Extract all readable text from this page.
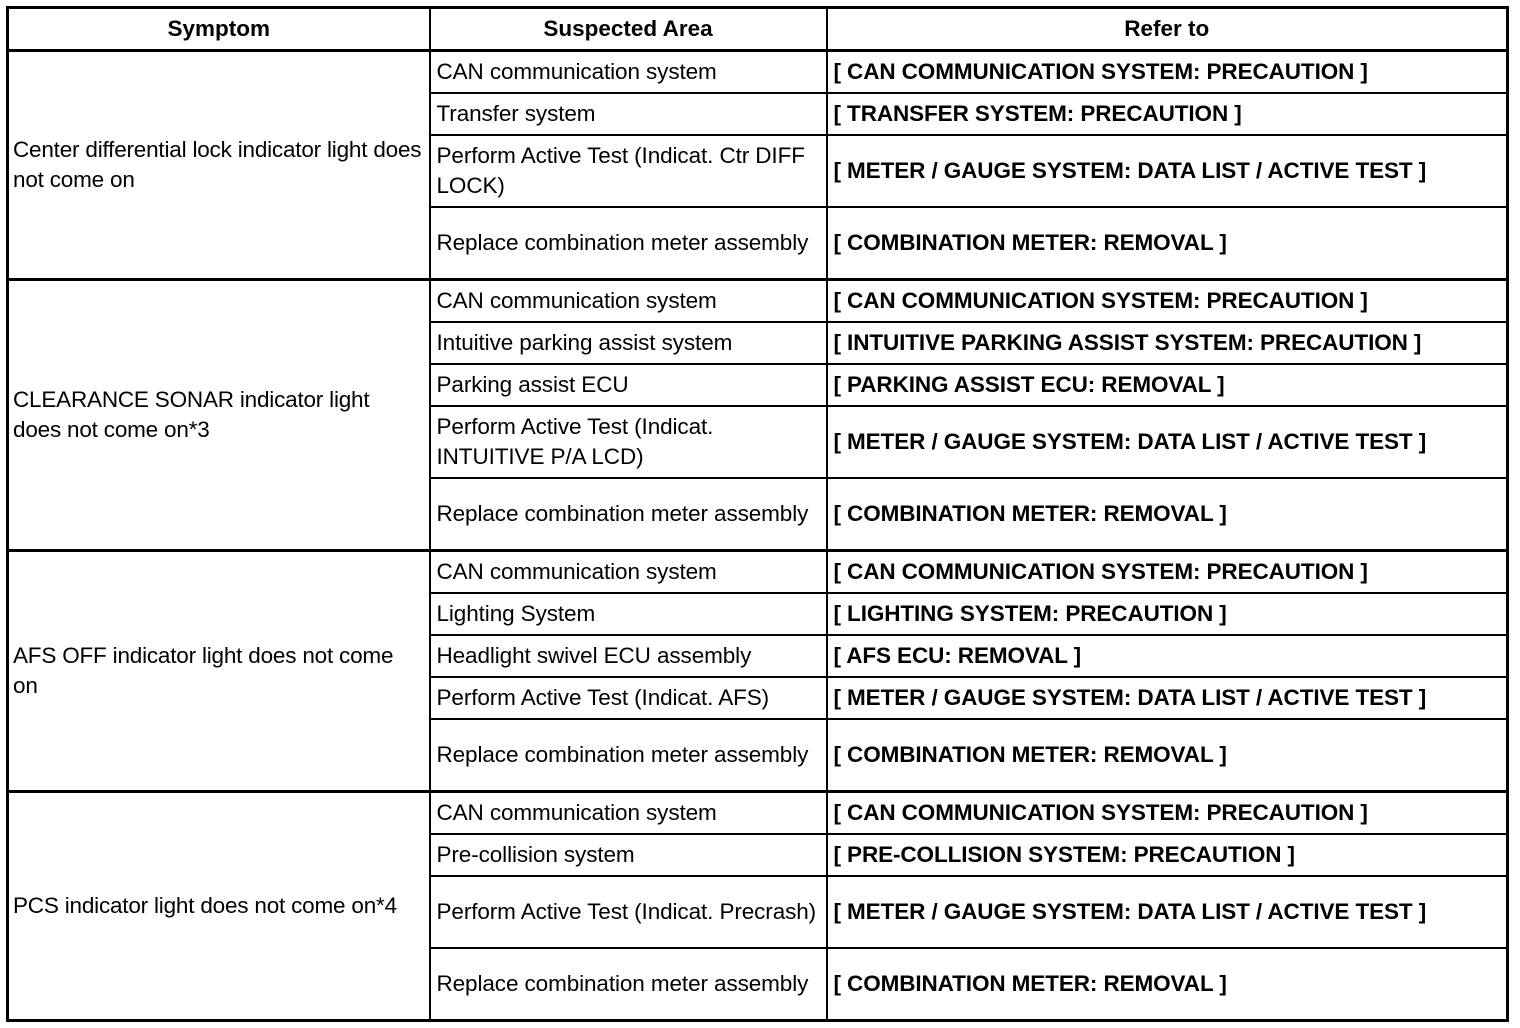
Symptom	Suspected Area	Refer to
Center differential lock indicator light does not come on	CAN communication system	[ CAN COMMUNICATION SYSTEM: PRECAUTION ]
	Transfer system	[ TRANSFER SYSTEM: PRECAUTION ]
	Perform Active Test (Indicat. Ctr DIFF LOCK)	[ METER / GAUGE SYSTEM: DATA LIST / ACTIVE TEST ]
	Replace combination meter assembly	[ COMBINATION METER: REMOVAL ]
CLEARANCE SONAR indicator light does not come on*3	CAN communication system	[ CAN COMMUNICATION SYSTEM: PRECAUTION ]
	Intuitive parking assist system	[ INTUITIVE PARKING ASSIST SYSTEM: PRECAUTION ]
	Parking assist ECU	[ PARKING ASSIST ECU: REMOVAL ]
	Perform Active Test (Indicat. INTUITIVE P/A LCD)	[ METER / GAUGE SYSTEM: DATA LIST / ACTIVE TEST ]
	Replace combination meter assembly	[ COMBINATION METER: REMOVAL ]
AFS OFF indicator light does not come on	CAN communication system	[ CAN COMMUNICATION SYSTEM: PRECAUTION ]
	Lighting System	[ LIGHTING SYSTEM: PRECAUTION ]
	Headlight swivel ECU assembly	[ AFS ECU: REMOVAL ]
	Perform Active Test (Indicat. AFS)	[ METER / GAUGE SYSTEM: DATA LIST / ACTIVE TEST ]
	Replace combination meter assembly	[ COMBINATION METER: REMOVAL ]
PCS indicator light does not come on*4	CAN communication system	[ CAN COMMUNICATION SYSTEM: PRECAUTION ]
	Pre-collision system	[ PRE-COLLISION SYSTEM: PRECAUTION ]
	Perform Active Test (Indicat. Precrash)	[ METER / GAUGE SYSTEM: DATA LIST / ACTIVE TEST ]
	Replace combination meter assembly	[ COMBINATION METER: REMOVAL ]
